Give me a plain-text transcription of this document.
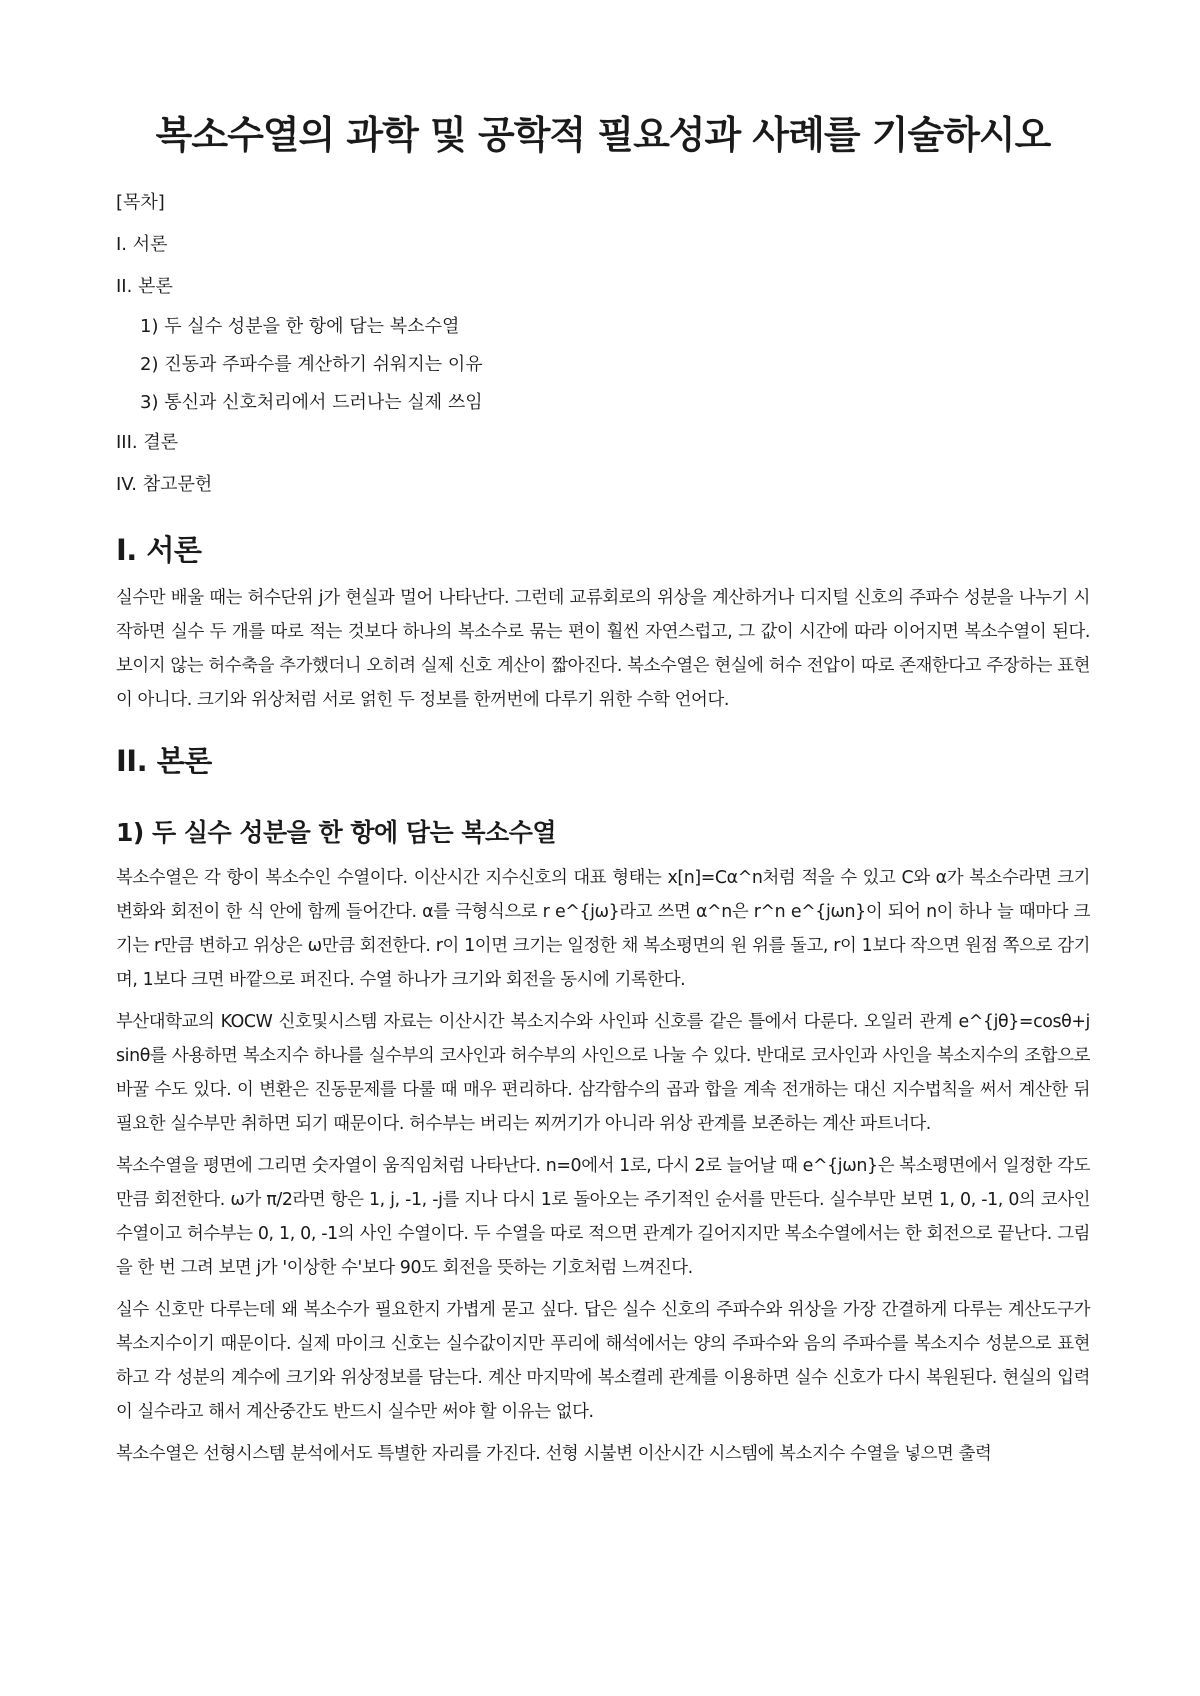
복소수열의 과학 및 공학적 필요성과 사례를 기술하시오
[목차]
I. 서론
II. 본론
1) 두 실수 성분을 한 항에 담는 복소수열
2) 진동과 주파수를 계산하기 쉬워지는 이유
3) 통신과 신호처리에서 드러나는 실제 쓰임
III. 결론
IV. 참고문헌
I. 서론

실수만 배울 때는 허수단위 j가 현실과 멀어 나타난다. 그런데 교류회로의 위상을 계산하거나 디지털 신호의 주파수 성분을 나누기 시작하면 실수 두 개를 따로 적는 것보다 하나의 복소수로 묶는 편이 훨씬 자연스럽고, 그 값이 시간에 따라 이어지면 복소수열이 된다. 보이지 않는 허수축을 추가했더니 오히려 실제 신호 계산이 짧아진다. 복소수열은 현실에 허수 전압이 따로 존재한다고 주장하는 표현이 아니다. 크기와 위상처럼 서로 얽힌 두 정보를 한꺼번에 다루기 위한 수학 언어다.

II. 본론
1) 두 실수 성분을 한 항에 담는 복소수열

복소수열은 각 항이 복소수인 수열이다. 이산시간 지수신호의 대표 형태는 x[n]=Cα^n처럼 적을 수 있고 C와 α가 복소수라면 크기 변화와 회전이 한 식 안에 함께 들어간다. α를 극형식으로 r e^{jω}라고 쓰면 α^n은 r^n e^{jωn}이 되어 n이 하나 늘 때마다 크기는 r만큼 변하고 위상은 ω만큼 회전한다. r이 1이면 크기는 일정한 채 복소평면의 원 위를 돌고, r이 1보다 작으면 원점 쪽으로 감기며, 1보다 크면 바깥으로 퍼진다. 수열 하나가 크기와 회전을 동시에 기록한다.

부산대학교의 KOCW 신호및시스템 자료는 이산시간 복소지수와 사인파 신호를 같은 틀에서 다룬다. 오일러 관계 e^{jθ}=cosθ+j sinθ를 사용하면 복소지수 하나를 실수부의 코사인과 허수부의 사인으로 나눌 수 있다. 반대로 코사인과 사인을 복소지수의 조합으로 바꿀 수도 있다. 이 변환은 진동문제를 다룰 때 매우 편리하다. 삼각함수의 곱과 합을 계속 전개하는 대신 지수법칙을 써서 계산한 뒤 필요한 실수부만 취하면 되기 때문이다. 허수부는 버리는 찌꺼기가 아니라 위상 관계를 보존하는 계산 파트너다.

복소수열을 평면에 그리면 숫자열이 움직임처럼 나타난다. n=0에서 1로, 다시 2로 늘어날 때 e^{jωn}은 복소평면에서 일정한 각도만큼 회전한다. ω가 π/2라면 항은 1, j, -1, -j를 지나 다시 1로 돌아오는 주기적인 순서를 만든다. 실수부만 보면 1, 0, -1, 0의 코사인 수열이고 허수부는 0, 1, 0, -1의 사인 수열이다. 두 수열을 따로 적으면 관계가 길어지지만 복소수열에서는 한 회전으로 끝난다. 그림을 한 번 그려 보면 j가 '이상한 수'보다 90도 회전을 뜻하는 기호처럼 느껴진다.

실수 신호만 다루는데 왜 복소수가 필요한지 가볍게 묻고 싶다. 답은 실수 신호의 주파수와 위상을 가장 간결하게 다루는 계산도구가 복소지수이기 때문이다. 실제 마이크 신호는 실수값이지만 푸리에 해석에서는 양의 주파수와 음의 주파수를 복소지수 성분으로 표현하고 각 성분의 계수에 크기와 위상정보를 담는다. 계산 마지막에 복소켤레 관계를 이용하면 실수 신호가 다시 복원된다. 현실의 입력이 실수라고 해서 계산중간도 반드시 실수만 써야 할 이유는 없다.

복소수열은 선형시스템 분석에서도 특별한 자리를 가진다. 선형 시불변 이산시간 시스템에 복소지수 수열을 넣으면 출력
